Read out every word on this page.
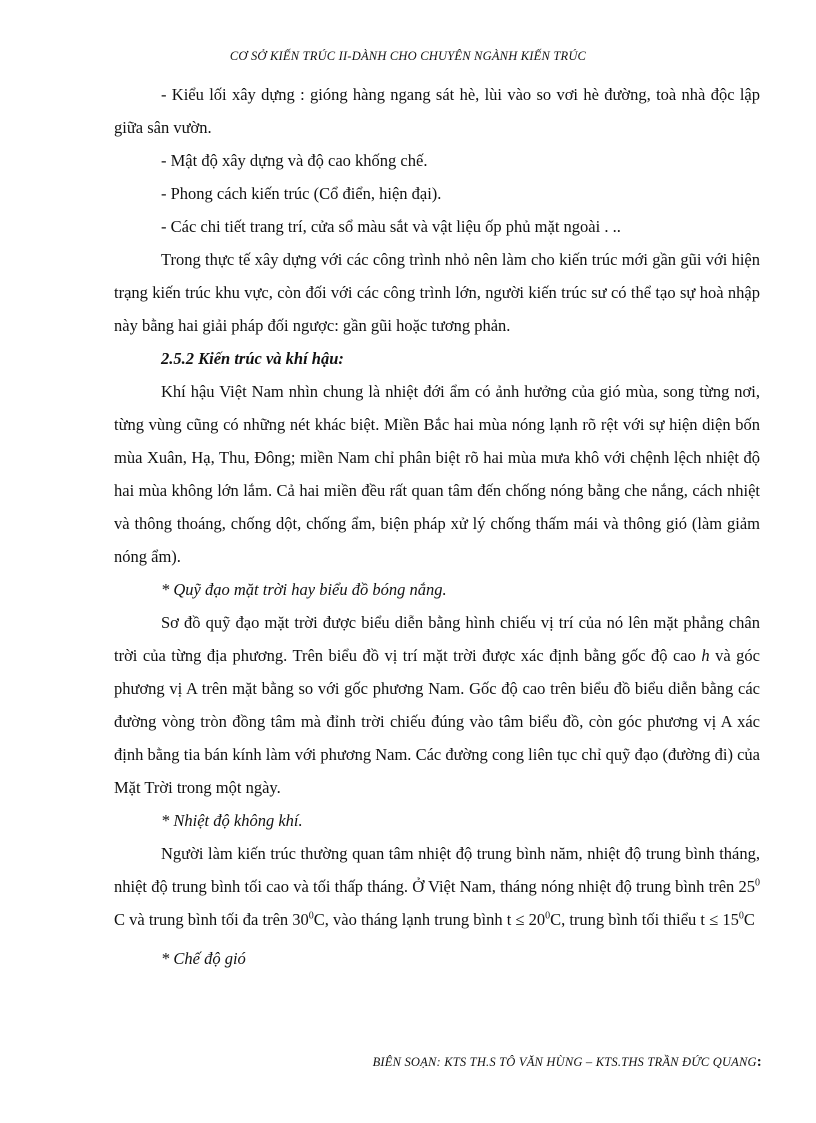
CƠ SỞ KIẾN TRÚC II-DÀNH CHO CHUYÊN NGÀNH KIẾN TRÚC

- Kiểu lối xây dựng : gióng hàng ngang sát hè, lùi vào so vơi hè đường, toà nhà độc lập giữa sân vườn.

- Mật độ xây dựng và độ cao khống chế.

- Phong cách kiến trúc (Cổ điển, hiện đại).

- Các chi tiết trang trí, cửa sổ màu sắt và vật liệu ốp phủ mặt ngoài . ..

Trong thực tế xây dựng với các công trình nhỏ nên làm cho kiến trúc mới gần gũi với hiện trạng kiến trúc khu vực, còn đối với các công trình lớn, người kiến trúc sư có thể tạo sự hoà nhập này bằng hai giải pháp đối ngược: gần gũi hoặc tương phản.

2.5.2 Kiến trúc và khí hậu:

Khí hậu Việt Nam nhìn chung là nhiệt đới ẩm có ảnh hưởng của gió mùa, song từng nơi, từng vùng cũng có những nét khác biệt. Miền Bắc hai mùa nóng lạnh rõ rệt với sự hiện diện bốn mùa Xuân, Hạ, Thu, Đông; miền Nam chỉ phân biệt rõ hai mùa mưa khô với chệnh lệch nhiệt độ hai mùa không lớn lắm. Cả hai miền đều rất quan tâm đến chống nóng bằng che nắng, cách nhiệt và thông thoáng, chống dột, chống ẩm, biện pháp xử lý chống thấm mái và thông gió (làm giảm nóng ẩm).

* Quỹ đạo mặt trời hay biểu đồ bóng nắng.

Sơ đồ quỹ đạo mặt trời được biểu diễn bằng hình chiếu vị trí của nó lên mặt phẳng chân trời của từng địa phương. Trên biểu đồ vị trí mặt trời được xác định bằng gốc độ cao h và góc phương vị A trên mặt bằng so với gốc phương Nam. Gốc độ cao trên biểu đồ biểu diễn bằng các đường vòng tròn đồng tâm mà đỉnh trời chiếu đúng vào tâm biểu đồ, còn góc phương vị A xác định bằng tia bán kính làm với phương Nam. Các đường cong liên tục chỉ quỹ đạo (đường đi) của Mặt Trời trong một ngày.

* Nhiệt độ không khí.

Người làm kiến trúc thường quan tâm nhiệt độ trung bình năm, nhiệt độ trung bình tháng, nhiệt độ trung bình tối cao và tối thấp tháng. Ở Việt Nam, tháng nóng nhiệt độ trung bình trên $25^0$ C và trung bình tối đa trên $30^0C$, vào tháng lạnh trung bình $t \le 20^0C$, trung bình tối thiểu $t \le 15^0C$

* Chế độ gió

BIÊN SOẠN: KTS TH.S TÔ VĂN HÙNG – KTS.THS TRẦN ĐỨC QUANG:
